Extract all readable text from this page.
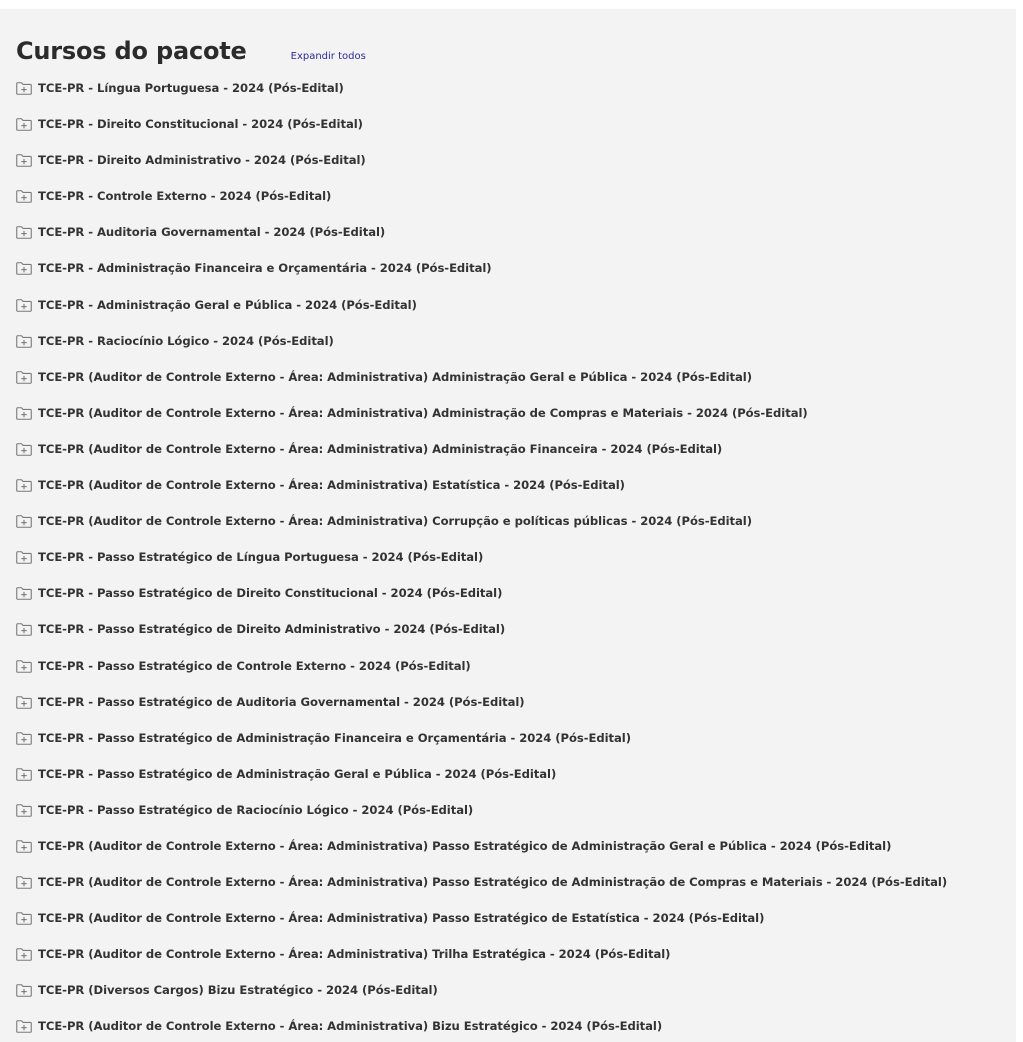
Cursos do pacote	Expandir todos
TCE-PR - Língua Portuguesa - 2024 (Pós-Edital)
TCE-PR - Direito Constitucional - 2024 (Pós-Edital)
TCE-PR - Direito Administrativo - 2024 (Pós-Edital)
TCE-PR - Controle Externo - 2024 (Pós-Edital)
TCE-PR - Auditoria Governamental - 2024 (Pós-Edital)
TCE-PR - Administração Financeira e Orçamentária - 2024 (Pós-Edital)
TCE-PR - Administração Geral e Pública - 2024 (Pós-Edital)
TCE-PR - Raciocínio Lógico - 2024 (Pós-Edital)
TCE-PR (Auditor de Controle Externo - Área: Administrativa) Administração Geral e Pública - 2024 (Pós-Edital)
TCE-PR (Auditor de Controle Externo - Área: Administrativa) Administração de Compras e Materiais - 2024 (Pós-Edital)
TCE-PR (Auditor de Controle Externo - Área: Administrativa) Administração Financeira - 2024 (Pós-Edital)
TCE-PR (Auditor de Controle Externo - Área: Administrativa) Estatística - 2024 (Pós-Edital)
TCE-PR (Auditor de Controle Externo - Área: Administrativa) Corrupção e políticas públicas - 2024 (Pós-Edital)
TCE-PR - Passo Estratégico de Língua Portuguesa - 2024 (Pós-Edital)
TCE-PR - Passo Estratégico de Direito Constitucional - 2024 (Pós-Edital)
TCE-PR - Passo Estratégico de Direito Administrativo - 2024 (Pós-Edital)
TCE-PR - Passo Estratégico de Controle Externo - 2024 (Pós-Edital)
TCE-PR - Passo Estratégico de Auditoria Governamental - 2024 (Pós-Edital)
TCE-PR - Passo Estratégico de Administração Financeira e Orçamentária - 2024 (Pós-Edital)
TCE-PR - Passo Estratégico de Administração Geral e Pública - 2024 (Pós-Edital)
TCE-PR - Passo Estratégico de Raciocínio Lógico - 2024 (Pós-Edital)
TCE-PR (Auditor de Controle Externo - Área: Administrativa) Passo Estratégico de Administração Geral e Pública - 2024 (Pós-Edital)
TCE-PR (Auditor de Controle Externo - Área: Administrativa) Passo Estratégico de Administração de Compras e Materiais - 2024 (Pós-Edital)
TCE-PR (Auditor de Controle Externo - Área: Administrativa) Passo Estratégico de Estatística - 2024 (Pós-Edital)
TCE-PR (Auditor de Controle Externo - Área: Administrativa) Trilha Estratégica - 2024 (Pós-Edital)
TCE-PR (Diversos Cargos) Bizu Estratégico - 2024 (Pós-Edital)
TCE-PR (Auditor de Controle Externo - Área: Administrativa) Bizu Estratégico - 2024 (Pós-Edital)
